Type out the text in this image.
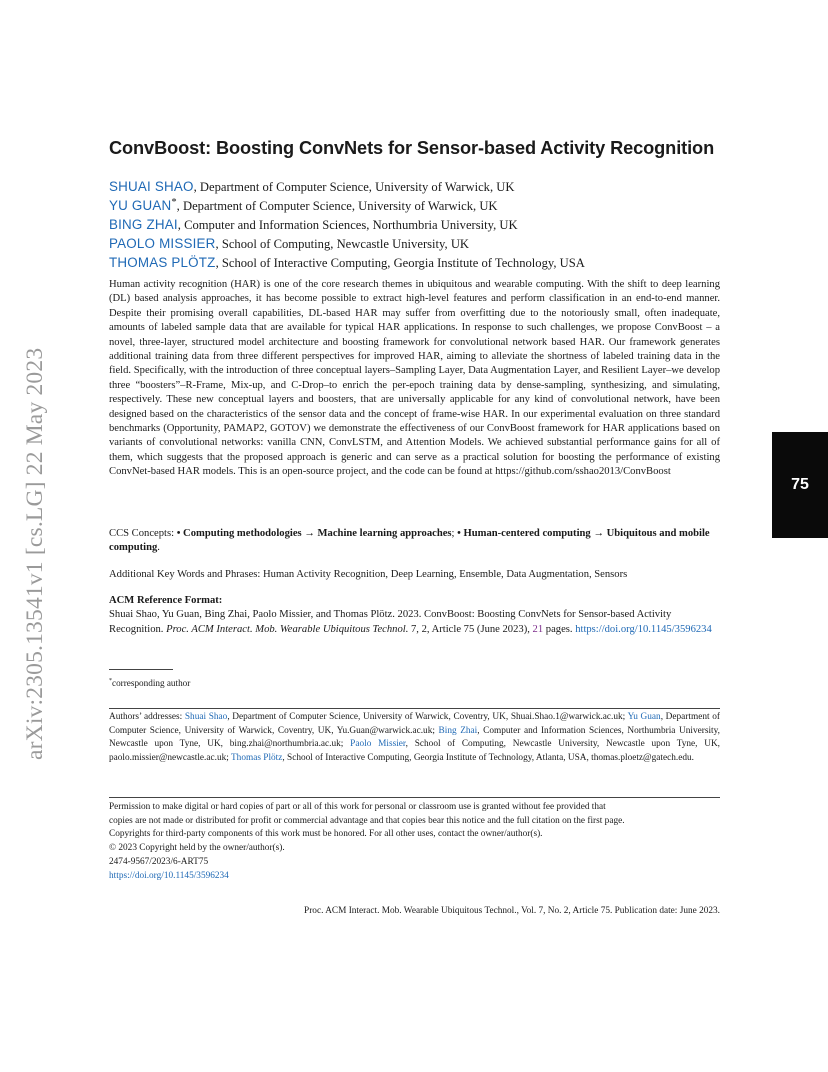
arXiv:2305.13541v1 [cs.LG] 22 May 2023	75
ConvBoost: Boosting ConvNets for Sensor-based Activity Recognition
SHUAI SHAO, Department of Computer Science, University of Warwick, UK
YU GUAN*, Department of Computer Science, University of Warwick, UK
BING ZHAI, Computer and Information Sciences, Northumbria University, UK
PAOLO MISSIER, School of Computing, Newcastle University, UK
THOMAS PLÖTZ, School of Interactive Computing, Georgia Institute of Technology, USA

Human activity recognition (HAR) is one of the core research themes in ubiquitous and wearable computing. With the shift to deep learning (DL) based analysis approaches, it has become possible to extract high-level features and perform classification in an end-to-end manner. Despite their promising overall capabilities, DL-based HAR may suffer from overfitting due to the notoriously small, often inadequate, amounts of labeled sample data that are available for typical HAR applications. In response to such challenges, we propose ConvBoost – a novel, three-layer, structured model architecture and boosting framework for convolutional network based HAR. Our framework generates additional training data from three different perspectives for improved HAR, aiming to alleviate the shortness of labeled training data in the field. Specifically, with the introduction of three conceptual layers–Sampling Layer, Data Augmentation Layer, and Resilient Layer–we develop three “boosters”–R-Frame, Mix-up, and C-Drop–to enrich the per-epoch training data by dense-sampling, synthesizing, and simulating, respectively. These new conceptual layers and boosters, that are universally applicable for any kind of convolutional network, have been designed based on the characteristics of the sensor data and the concept of frame-wise HAR. In our experimental evaluation on three standard benchmarks (Opportunity, PAMAP2, GOTOV) we demonstrate the effectiveness of our ConvBoost framework for HAR applications based on variants of convolutional networks: vanilla CNN, ConvLSTM, and Attention Models. We achieved substantial performance gains for all of them, which suggests that the proposed approach is generic and can serve as a practical solution for boosting the performance of existing ConvNet-based HAR models. This is an open-source project, and the code can be found at https://github.com/sshao2013/ConvBoost

CCS Concepts: • Computing methodologies → Machine learning approaches; • Human-centered computing → Ubiquitous and mobile computing.

Additional Key Words and Phrases: Human Activity Recognition, Deep Learning, Ensemble, Data Augmentation, Sensors

ACM Reference Format:

Shuai Shao, Yu Guan, Bing Zhai, Paolo Missier, and Thomas Plötz. 2023. ConvBoost: Boosting ConvNets for Sensor-based Activity Recognition. Proc. ACM Interact. Mob. Wearable Ubiquitous Technol. 7, 2, Article 75 (June 2023), 21 pages. https://doi.org/10.1145/3596234

*corresponding author

Authors’ addresses: Shuai Shao, Department of Computer Science, University of Warwick, Coventry, UK, Shuai.Shao.1@warwick.ac.uk; Yu Guan, Department of Computer Science, University of Warwick, Coventry, UK, Yu.Guan@warwick.ac.uk; Bing Zhai, Computer and Information Sciences, Northumbria University, Newcastle upon Tyne, UK, bing.zhai@northumbria.ac.uk; Paolo Missier, School of Computing, Newcastle University, Newcastle upon Tyne, UK, paolo.missier@newcastle.ac.uk; Thomas Plötz, School of Interactive Computing, Georgia Institute of Technology, Atlanta, USA, thomas.ploetz@gatech.edu.

Permission to make digital or hard copies of part or all of this work for personal or classroom use is granted without fee provided that
copies are not made or distributed for profit or commercial advantage and that copies bear this notice and the full citation on the first page.
Copyrights for third-party components of this work must be honored. For all other uses, contact the owner/author(s).
© 2023 Copyright held by the owner/author(s).
2474-9567/2023/6-ART75
https://doi.org/10.1145/3596234

Proc. ACM Interact. Mob. Wearable Ubiquitous Technol., Vol. 7, No. 2, Article 75. Publication date: June 2023.
